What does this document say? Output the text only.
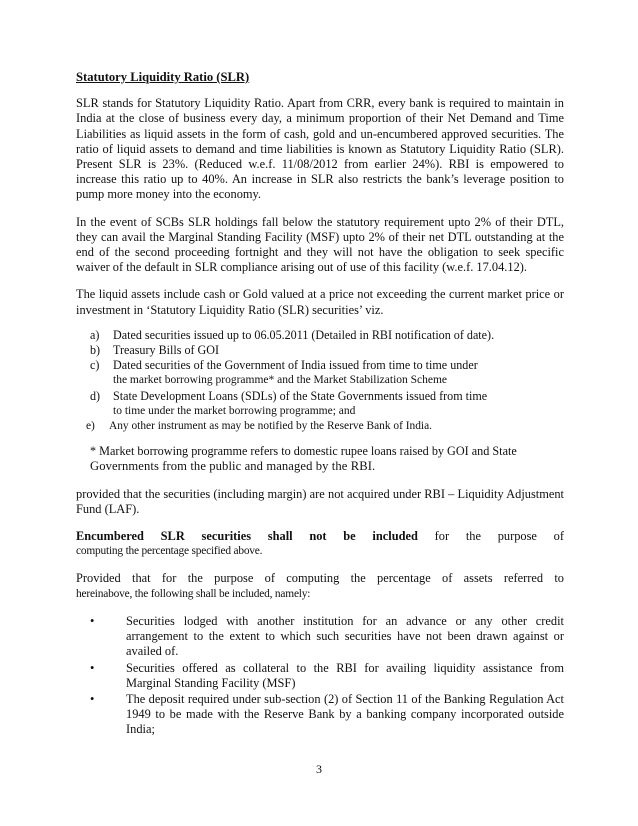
Statutory Liquidity Ratio (SLR)

SLR stands for Statutory Liquidity Ratio. Apart from CRR, every bank is required to maintain in India at the close of business every day, a minimum proportion of their Net Demand and Time Liabilities as liquid assets in the form of cash, gold and un-encumbered approved securities. The ratio of liquid assets to demand and time liabilities is known as Statutory Liquidity Ratio (SLR). Present SLR is 23%. (Reduced w.e.f. 11/08/2012 from earlier 24%). RBI is empowered to increase this ratio up to 40%. An increase in SLR also restricts the bank’s leverage position to pump more money into the economy.

In the event of SCBs SLR holdings fall below the statutory requirement upto 2% of their DTL, they can avail the Marginal Standing Facility (MSF) upto 2% of their net DTL outstanding at the end of the second proceeding fortnight and they will not have the obligation to seek specific waiver of the default in SLR compliance arising out of use of this facility (w.e.f. 17.04.12).

The liquid assets include cash or Gold valued at a price not exceeding the current market price or investment in ‘Statutory Liquidity Ratio (SLR) securities’ viz.

a) Dated securities issued up to 06.05.2011 (Detailed in RBI notification of date).
b) Treasury Bills of GOI
c) Dated securities of the Government of India issued from time to time under
the market borrowing programme* and the Market Stabilization Scheme
d) State Development Loans (SDLs) of the State Governments issued from time
to time under the market borrowing programme; and
e) Any other instrument as may be notified by the Reserve Bank of India.
* Market borrowing programme refers to domestic rupee loans raised by GOI and State
Governments from the public and managed by the RBI.

provided that the securities (including margin) are not acquired under RBI – Liquidity Adjustment Fund (LAF).

Encumbered SLR securities shall not be included for the purpose of
computing the percentage specified above.
Provided that for the purpose of computing the percentage of assets referred to
hereinabove, the following shall be included, namely:
•	Securities lodged with another institution for an advance or any other credit arrangement to the extent to which such securities have not been drawn against or availed of.
•	Securities offered as collateral to the RBI for availing liquidity assistance from Marginal Standing Facility (MSF)
•	The deposit required under sub-section (2) of Section 11 of the Banking Regulation Act 1949 to be made with the Reserve Bank by a banking company incorporated outside India;
3
